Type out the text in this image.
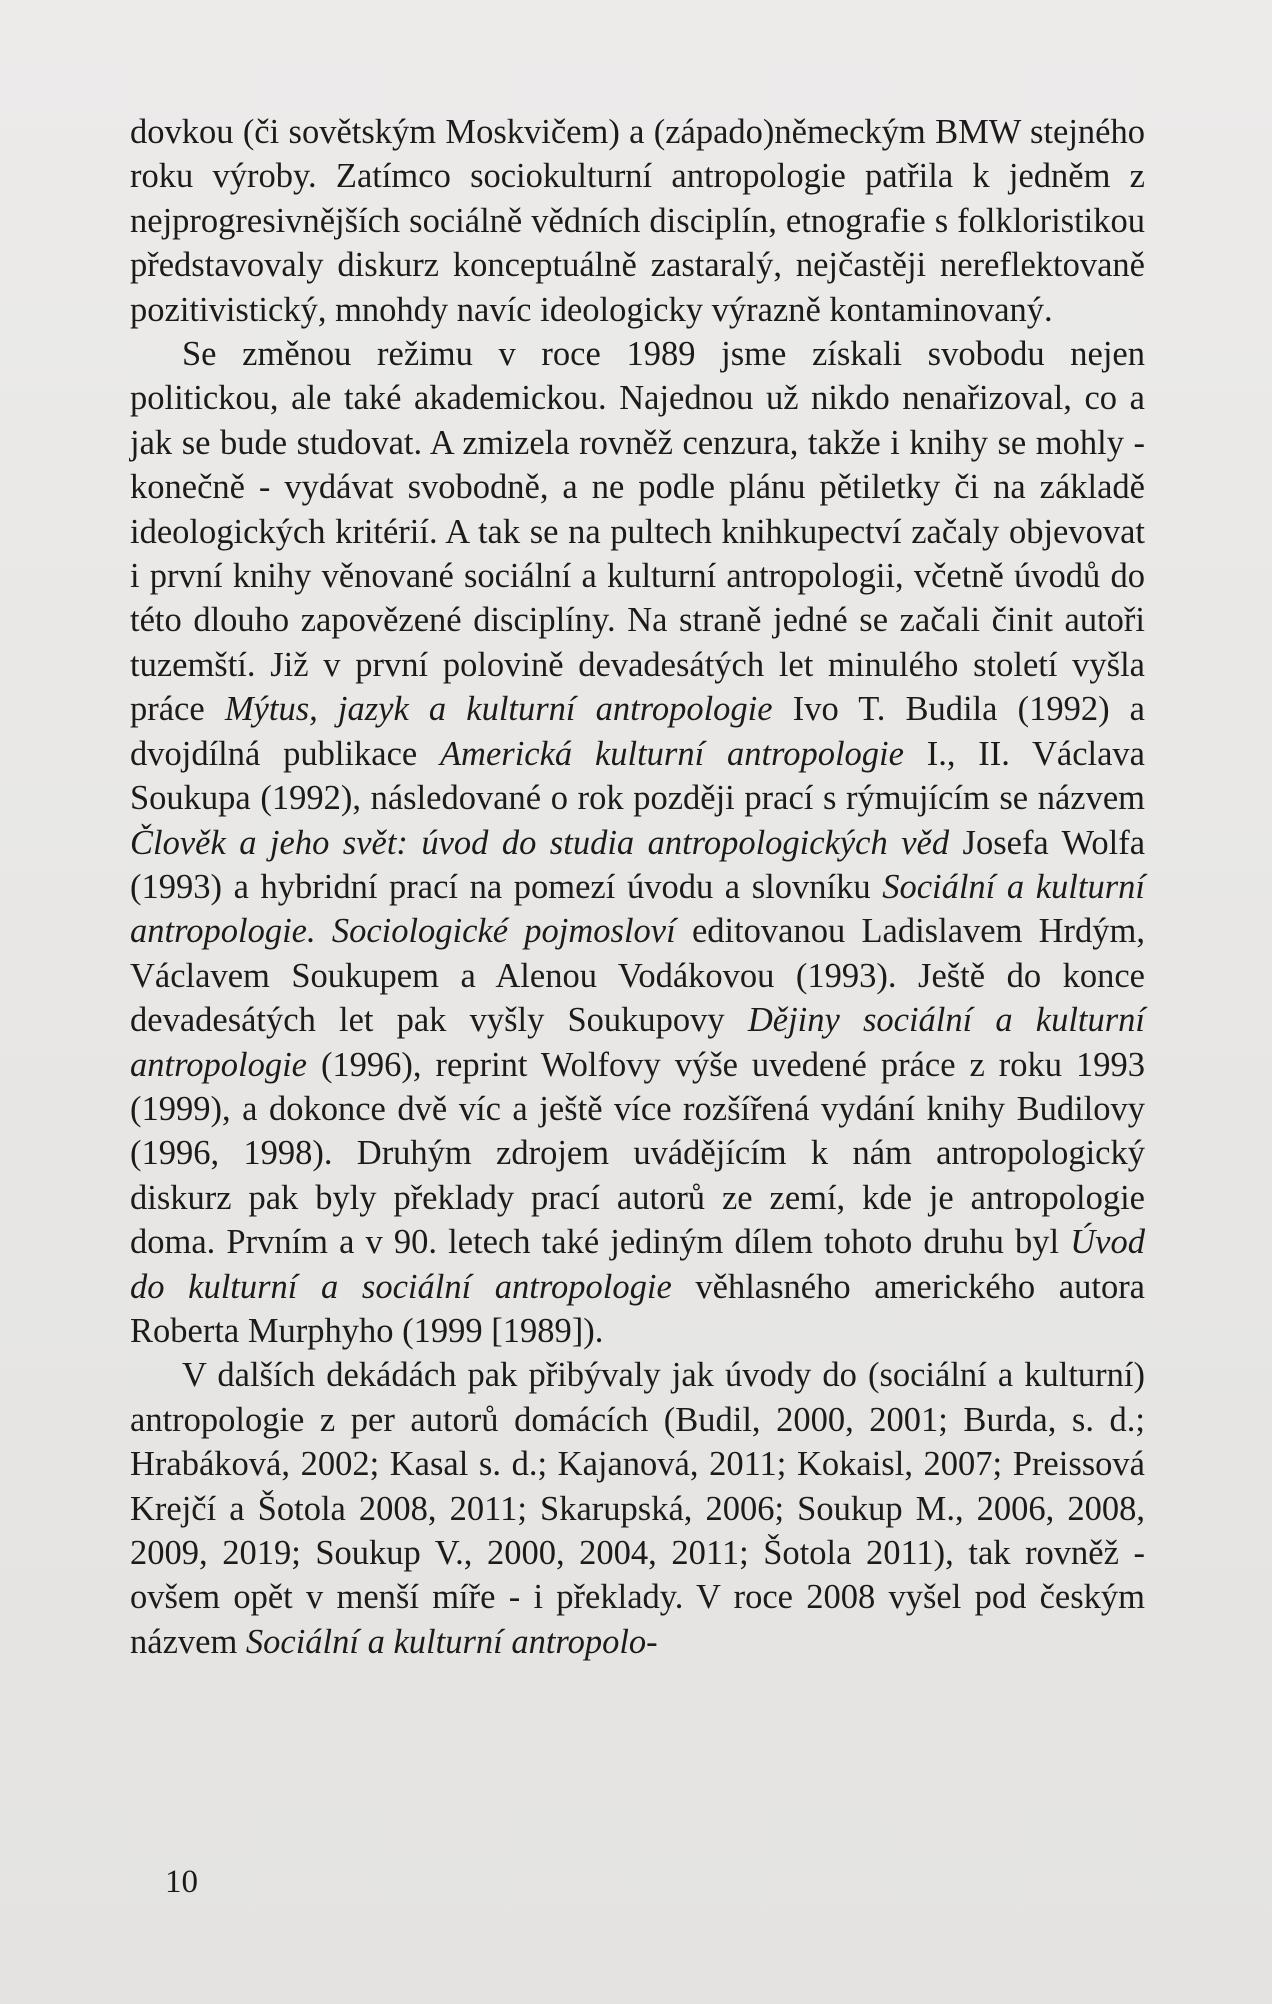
dovkou (či sovětským Moskvičem) a (západo)německým BMW stejného roku výroby. Zatímco sociokulturní antropologie patřila k jedněm z nejprogresivnějších sociálně vědních disciplín, etnografie s folkloristikou představovaly diskurz konceptuálně zastaralý, nejčastěji nereflektovaně pozitivistický, mnohdy navíc ideologicky výrazně kontaminovaný.

Se změnou režimu v roce 1989 jsme získali svobodu nejen politickou, ale také akademickou. Najednou už nikdo nenařizoval, co a jak se bude studovat. A zmizela rovněž cenzura, takže i knihy se mohly - konečně - vydávat svobodně, a ne podle plánu pětiletky či na základě ideologických kritérií. A tak se na pultech knihkupectví začaly objevovat i první knihy věnované sociální a kulturní antropologii, včetně úvodů do této dlouho zapovězené disciplíny. Na straně jedné se začali činit autoři tuzemští. Již v první polovině devadesátých let minulého století vyšla práce Mýtus, jazyk a kulturní antropologie Ivo T. Budila (1992) a dvojdílná publikace Americká kulturní antropologie I., II. Václava Soukupa (1992), následované o rok později prací s rýmujícím se názvem Člověk a jeho svět: úvod do studia antropologických věd Josefa Wolfa (1993) a hybridní prací na pomezí úvodu a slovníku Sociální a kulturní antropologie. Sociologické pojmosloví editovanou Ladislavem Hrdým, Václavem Soukupem a Alenou Vodákovou (1993). Ještě do konce devadesátých let pak vyšly Soukupovy Dějiny sociální a kulturní antropologie (1996), reprint Wolfovy výše uvedené práce z roku 1993 (1999), a dokonce dvě víc a ještě více rozšířená vydání knihy Budilovy (1996, 1998). Druhým zdrojem uvádějícím k nám antropologický diskurz pak byly překlady prací autorů ze zemí, kde je antropologie doma. Prvním a v 90. letech také jediným dílem tohoto druhu byl Úvod do kulturní a sociální antropologie věhlasného amerického autora Roberta Murphyho (1999 [1989]).

V dalších dekádách pak přibývaly jak úvody do (sociální a kulturní) antropologie z per autorů domácích (Budil, 2000, 2001; Burda, s. d.; Hrabáková, 2002; Kasal s. d.; Kajanová, 2011; Kokaisl, 2007; Preissová Krejčí a Šotola 2008, 2011; Skarupská, 2006; Soukup M., 2006, 2008, 2009, 2019; Soukup V., 2000, 2004, 2011; Šotola 2011), tak rovněž - ovšem opět v menší míře - i překlady. V roce 2008 vyšel pod českým názvem Sociální a kulturní antropolo-

10
